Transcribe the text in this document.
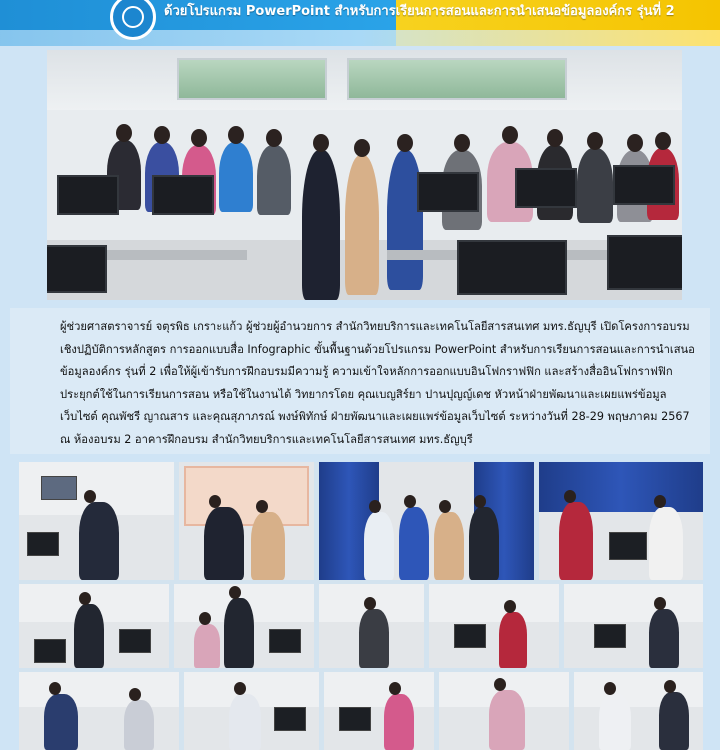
ด้วยโปรแกรม PowerPoint สำหรับการเรียนการสอนและการนำเสนอข้อมูลองค์กร รุ่นที่ 2

ผู้ช่วยศาสตราจารย์ จตุรพิธ เกราะแก้ว ผู้ช่วยผู้อำนวยการ สำนักวิทยบริการและเทคโนโลยีสารสนเทศ มทร.ธัญบุรี เปิดโครงการอบรม
เชิงปฏิบัติการหลักสูตร การออกแบบสื่อ Infographic ขั้นพื้นฐานด้วยโปรแกรม PowerPoint สำหรับการเรียนการสอนและการนำเสนอ
ข้อมูลองค์กร รุ่นที่ 2 เพื่อให้ผู้เข้ารับการฝึกอบรมมีความรู้ ความเข้าใจหลักการออกแบบอินโฟกราฟฟิก และสร้างสื่ออินโฟกราฟฟิก
ประยุกต์ใช้ในการเรียนการสอน หรือใช้ในงานได้ วิทยากรโดย คุณเบญสิร์ยา ปานปุญญ์เดช หัวหน้าฝ่ายพัฒนาและเผยแพร่ข้อมูล
เว็บไซต์ คุณพัชรี ญาณสาร และคุณสุภาภรณ์ พงษ์พิทักษ์ ฝ่ายพัฒนาและเผยแพร่ข้อมูลเว็บไซต์ ระหว่างวันที่ 28-29 พฤษภาคม 2567
ณ ห้องอบรม 2 อาคารฝึกอบรม สำนักวิทยบริการและเทคโนโลยีสารสนเทศ มทร.ธัญบุรี
